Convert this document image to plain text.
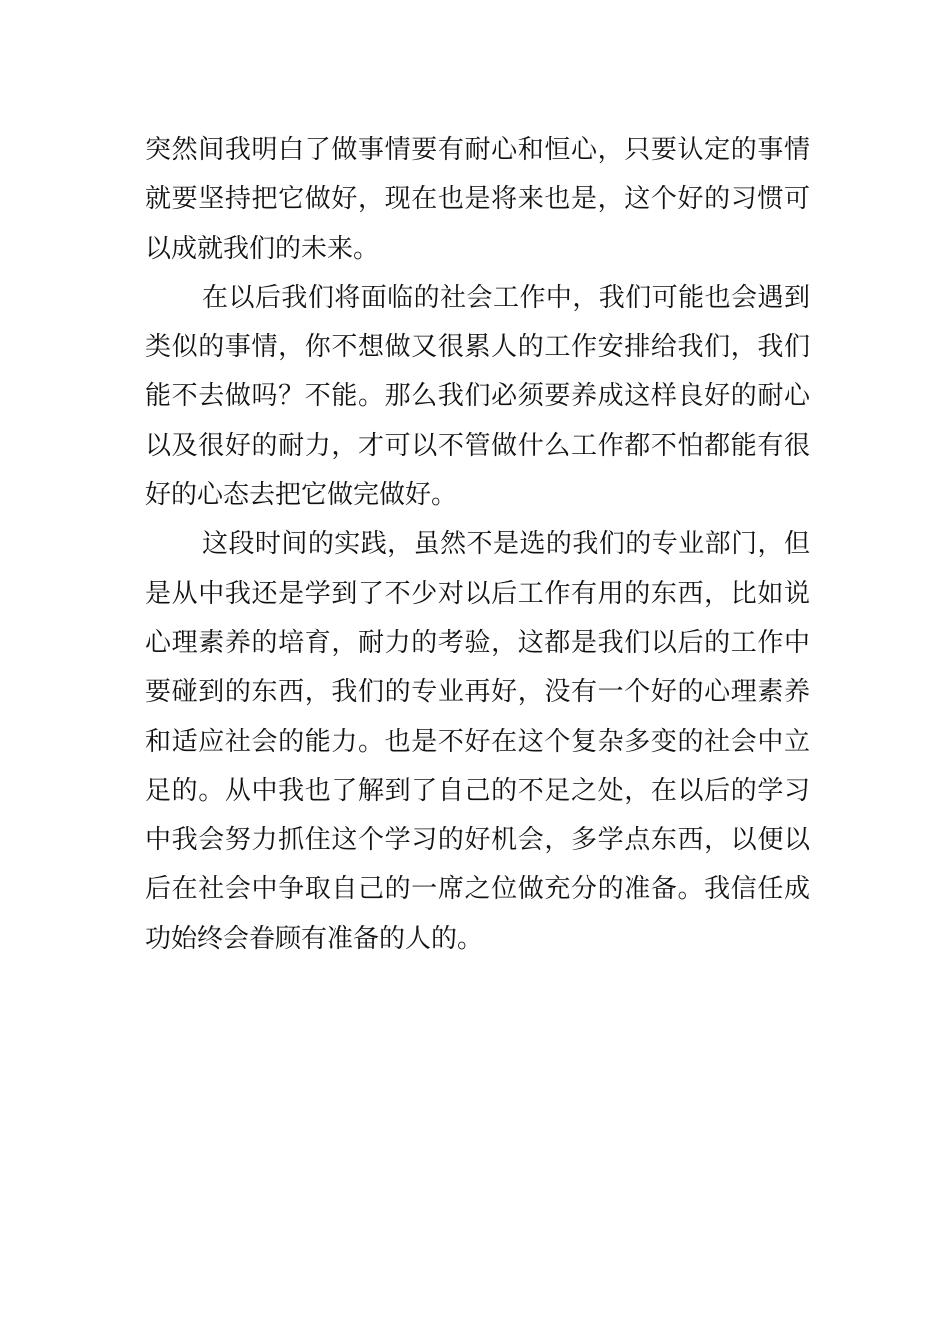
突然间我明白了做事情要有耐心和恒心，只要认定的事情
就要坚持把它做好，现在也是将来也是，这个好的习惯可
以成就我们的未来。
在以后我们将面临的社会工作中，我们可能也会遇到
类似的事情，你不想做又很累人的工作安排给我们，我们
能不去做吗？不能。那么我们必须要养成这样良好的耐心
以及很好的耐力，才可以不管做什么工作都不怕都能有很
好的心态去把它做完做好。
这段时间的实践，虽然不是选的我们的专业部门，但
是从中我还是学到了不少对以后工作有用的东西，比如说
心理素养的培育，耐力的考验，这都是我们以后的工作中
要碰到的东西，我们的专业再好，没有一个好的心理素养
和适应社会的能力。也是不好在这个复杂多变的社会中立
足的。从中我也了解到了自己的不足之处，在以后的学习
中我会努力抓住这个学习的好机会，多学点东西，以便以
后在社会中争取自己的一席之位做充分的准备。我信任成
功始终会眷顾有准备的人的。
